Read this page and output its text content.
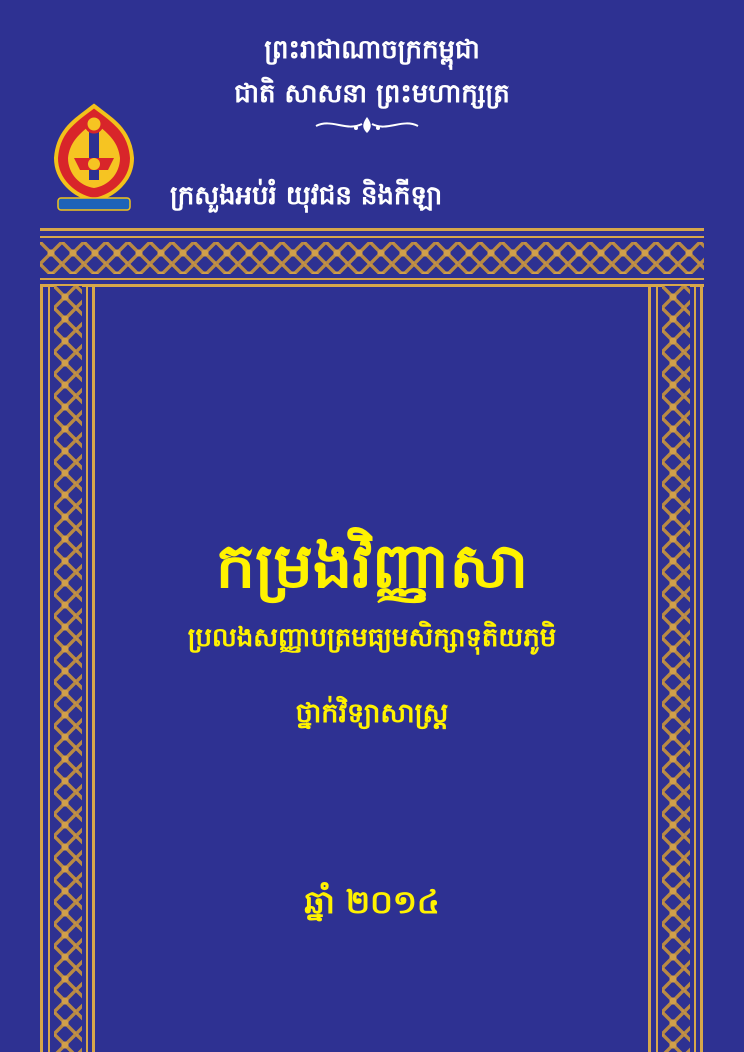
ព្រះរាជាណាចក្រកម្ពុជា
ជាតិ សាសនា ព្រះមហាក្សត្រ
ក្រសួងអប់រំ យុវជន និងកីឡា
កម្រងវិញ្ញាសា
ប្រលងសញ្ញាបត្រមធ្យមសិក្សាទុតិយភូមិ
ថ្នាក់វិទ្យាសាស្រ្ត
ឆ្នាំ ២០១៤
